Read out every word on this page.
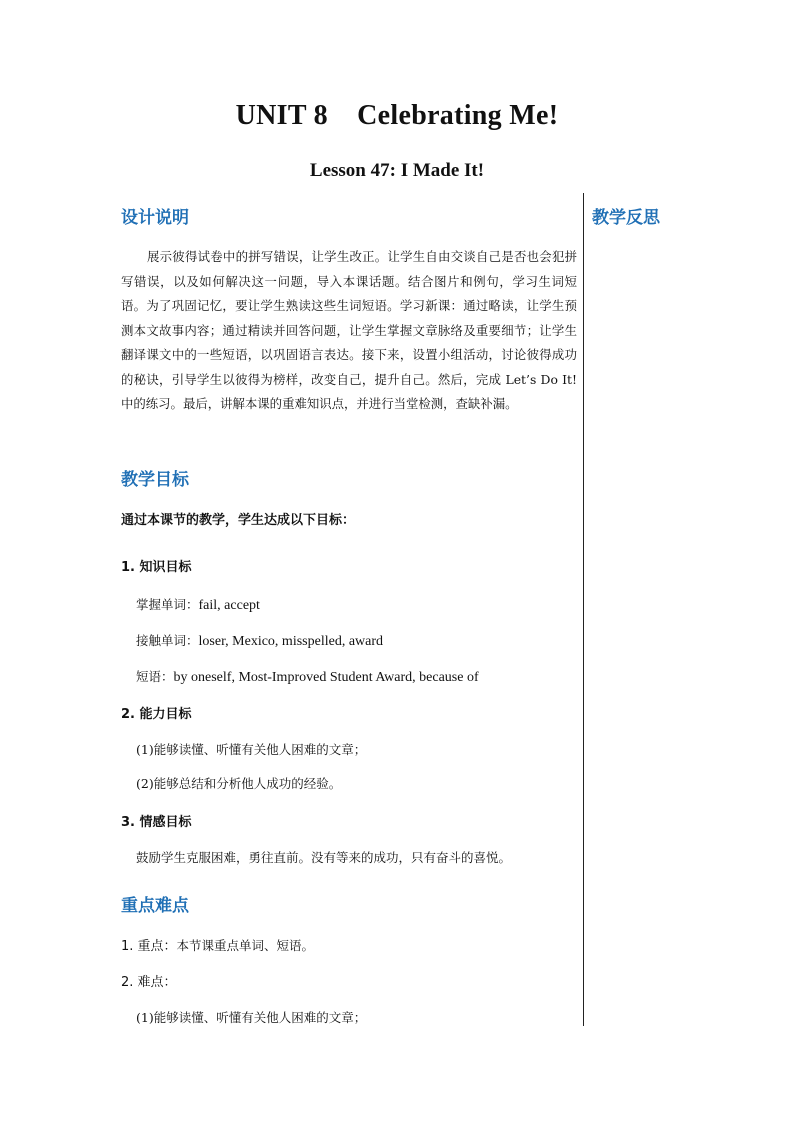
UNIT 8    Celebrating Me!
Lesson 47: I Made It!
教学反思
设计说明
展示彼得试卷中的拼写错误，让学生改正。让学生自由交谈自己是否也会犯拼写错误，以及如何解决这一问题，导入本课话题。结合图片和例句，学习生词短语。为了巩固记忆，要让学生熟读这些生词短语。学习新课：通过略读，让学生预测本文故事内容；通过精读并回答问题，让学生掌握文章脉络及重要细节；让学生翻译课文中的一些短语，以巩固语言表达。接下来，设置小组活动，讨论彼得成功的秘诀，引导学生以彼得为榜样，改变自己，提升自己。然后，完成 Let’s Do It! 中的练习。最后，讲解本课的重难知识点，并进行当堂检测，查缺补漏。
教学目标
通过本课节的教学，学生达成以下目标：
1. 知识目标
掌握单词：fail, accept
接触单词：loser, Mexico, misspelled, award
短语：by oneself, Most-Improved Student Award, because of
2. 能力目标
(1)能够读懂、听懂有关他人困难的文章；
(2)能够总结和分析他人成功的经验。
3. 情感目标
鼓励学生克服困难，勇往直前。没有等来的成功，只有奋斗的喜悦。
重点难点
1. 重点：本节课重点单词、短语。
2. 难点：
(1)能够读懂、听懂有关他人困难的文章；
